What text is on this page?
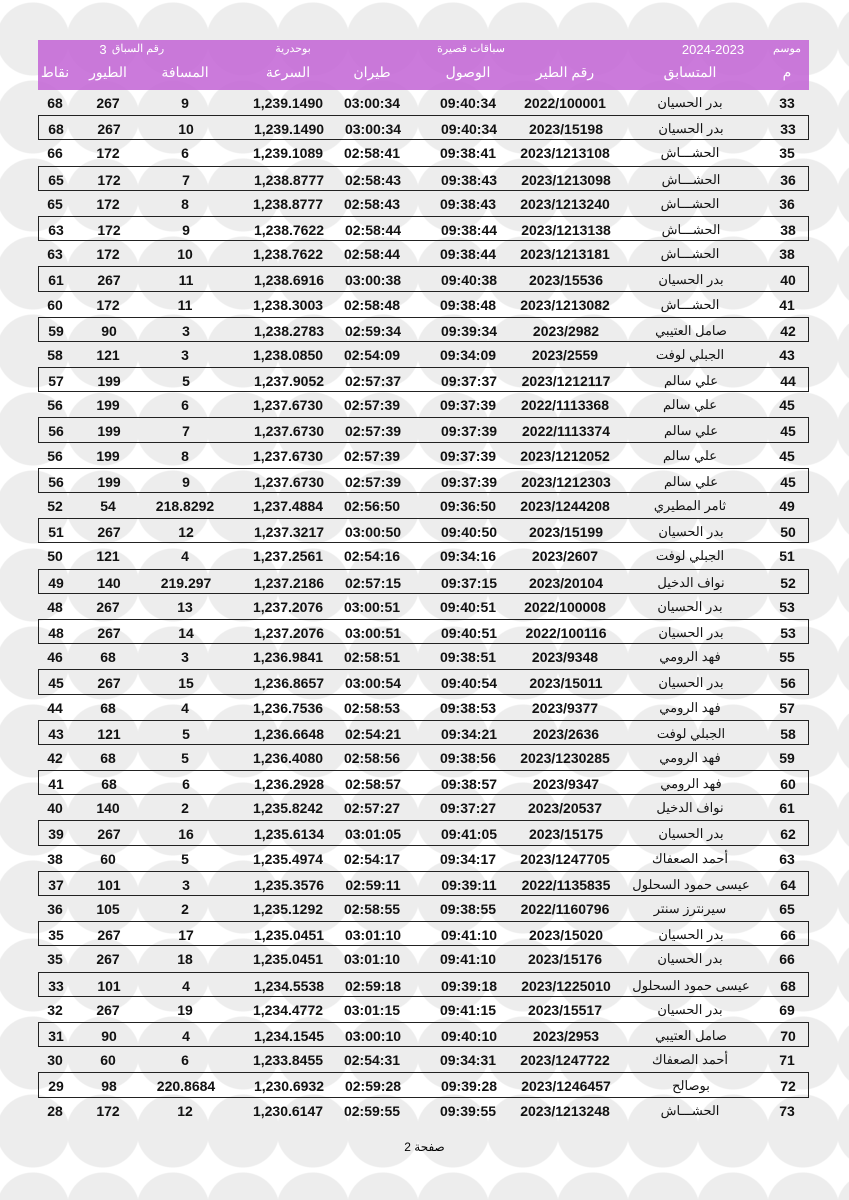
موسم
2024-2023
سباقات قصيرة
بوحدرية
رقم السباق
3
م
المتسابق
رقم الطير
الوصول
طيران
السرعة
المسافة
الطيور
نقاط
33
بدر الحسيان
2022/100001
09:40:34
03:00:34
1,239.1490
9
267
68
33
بدر الحسيان
2023/15198
09:40:34
03:00:34
1,239.1490
10
267
68
35
الحشـــاش
2023/1213108
09:38:41
02:58:41
1,239.1089
6
172
66
36
الحشـــاش
2023/1213098
09:38:43
02:58:43
1,238.8777
7
172
65
36
الحشـــاش
2023/1213240
09:38:43
02:58:43
1,238.8777
8
172
65
38
الحشـــاش
2023/1213138
09:38:44
02:58:44
1,238.7622
9
172
63
38
الحشـــاش
2023/1213181
09:38:44
02:58:44
1,238.7622
10
172
63
40
بدر الحسيان
2023/15536
09:40:38
03:00:38
1,238.6916
11
267
61
41
الحشـــاش
2023/1213082
09:38:48
02:58:48
1,238.3003
11
172
60
42
صامل العتيبي
2023/2982
09:39:34
02:59:34
1,238.2783
3
90
59
43
الجبلي لوفت
2023/2559
09:34:09
02:54:09
1,238.0850
3
121
58
44
علي سالم
2023/1212117
09:37:37
02:57:37
1,237.9052
5
199
57
45
علي سالم
2022/1113368
09:37:39
02:57:39
1,237.6730
6
199
56
45
علي سالم
2022/1113374
09:37:39
02:57:39
1,237.6730
7
199
56
45
علي سالم
2023/1212052
09:37:39
02:57:39
1,237.6730
8
199
56
45
علي سالم
2023/1212303
09:37:39
02:57:39
1,237.6730
9
199
56
49
ثامر المطيري
2023/1244208
09:36:50
02:56:50
1,237.4884
218.8292
54
52
50
بدر الحسيان
2023/15199
09:40:50
03:00:50
1,237.3217
12
267
51
51
الجبلي لوفت
2023/2607
09:34:16
02:54:16
1,237.2561
4
121
50
52
نواف الدخيل
2023/20104
09:37:15
02:57:15
1,237.2186
219.297
140
49
53
بدر الحسيان
2022/100008
09:40:51
03:00:51
1,237.2076
13
267
48
53
بدر الحسيان
2022/100116
09:40:51
03:00:51
1,237.2076
14
267
48
55
فهد الرومي
2023/9348
09:38:51
02:58:51
1,236.9841
3
68
46
56
بدر الحسيان
2023/15011
09:40:54
03:00:54
1,236.8657
15
267
45
57
فهد الرومي
2023/9377
09:38:53
02:58:53
1,236.7536
4
68
44
58
الجبلي لوفت
2023/2636
09:34:21
02:54:21
1,236.6648
5
121
43
59
فهد الرومي
2023/1230285
09:38:56
02:58:56
1,236.4080
5
68
42
60
فهد الرومي
2023/9347
09:38:57
02:58:57
1,236.2928
6
68
41
61
نواف الدخيل
2023/20537
09:37:27
02:57:27
1,235.8242
2
140
40
62
بدر الحسيان
2023/15175
09:41:05
03:01:05
1,235.6134
16
267
39
63
أحمد الصعفاك
2023/1247705
09:34:17
02:54:17
1,235.4974
5
60
38
64
عيسى حمود السحلول
2022/1135835
09:39:11
02:59:11
1,235.3576
3
101
37
65
سيرنترز سنتر
2022/1160796
09:38:55
02:58:55
1,235.1292
2
105
36
66
بدر الحسيان
2023/15020
09:41:10
03:01:10
1,235.0451
17
267
35
66
بدر الحسيان
2023/15176
09:41:10
03:01:10
1,235.0451
18
267
35
68
عيسى حمود السحلول
2023/1225010
09:39:18
02:59:18
1,234.5538
4
101
33
69
بدر الحسيان
2023/15517
09:41:15
03:01:15
1,234.4772
19
267
32
70
صامل العتيبي
2023/2953
09:40:10
03:00:10
1,234.1545
4
90
31
71
أحمد الصعفاك
2023/1247722
09:34:31
02:54:31
1,233.8455
6
60
30
72
بوصالح
2023/1246457
09:39:28
02:59:28
1,230.6932
220.8684
98
29
73
الحشـــاش
2023/1213248
09:39:55
02:59:55
1,230.6147
12
172
28
صفحة 2
